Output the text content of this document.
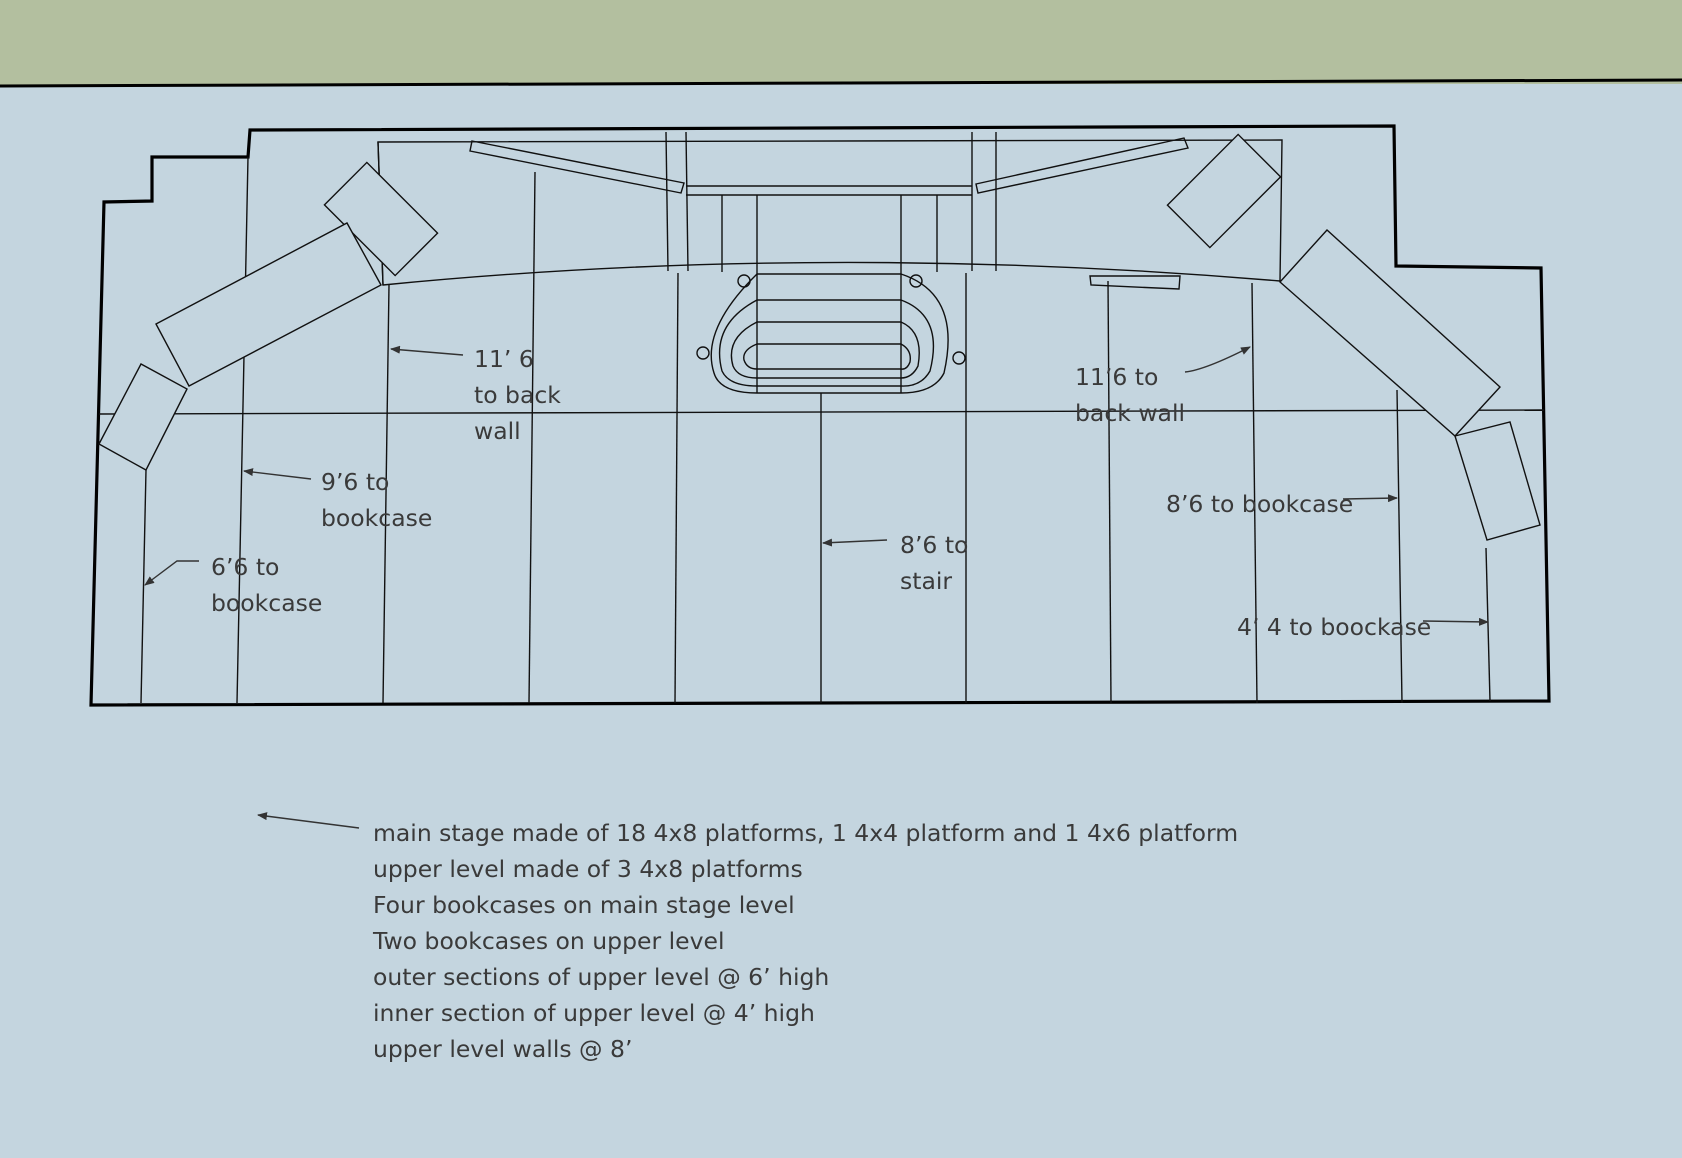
11’ 6 to back wall
11’6 to back wall
9’6 to bookcase
6’6 to bookcase
8’6 to stair
8’6 to bookcase
4’ 4 to boockase
main stage made of 18 4x8 platforms, 1 4x4 platform and 1 4x6 platform
upper level made of 3 4x8 platforms
Four bookcases on main stage level
Two bookcases on upper level
outer sections of upper level @ 6’ high
inner section of upper level @ 4’ high
upper level walls @ 8’
